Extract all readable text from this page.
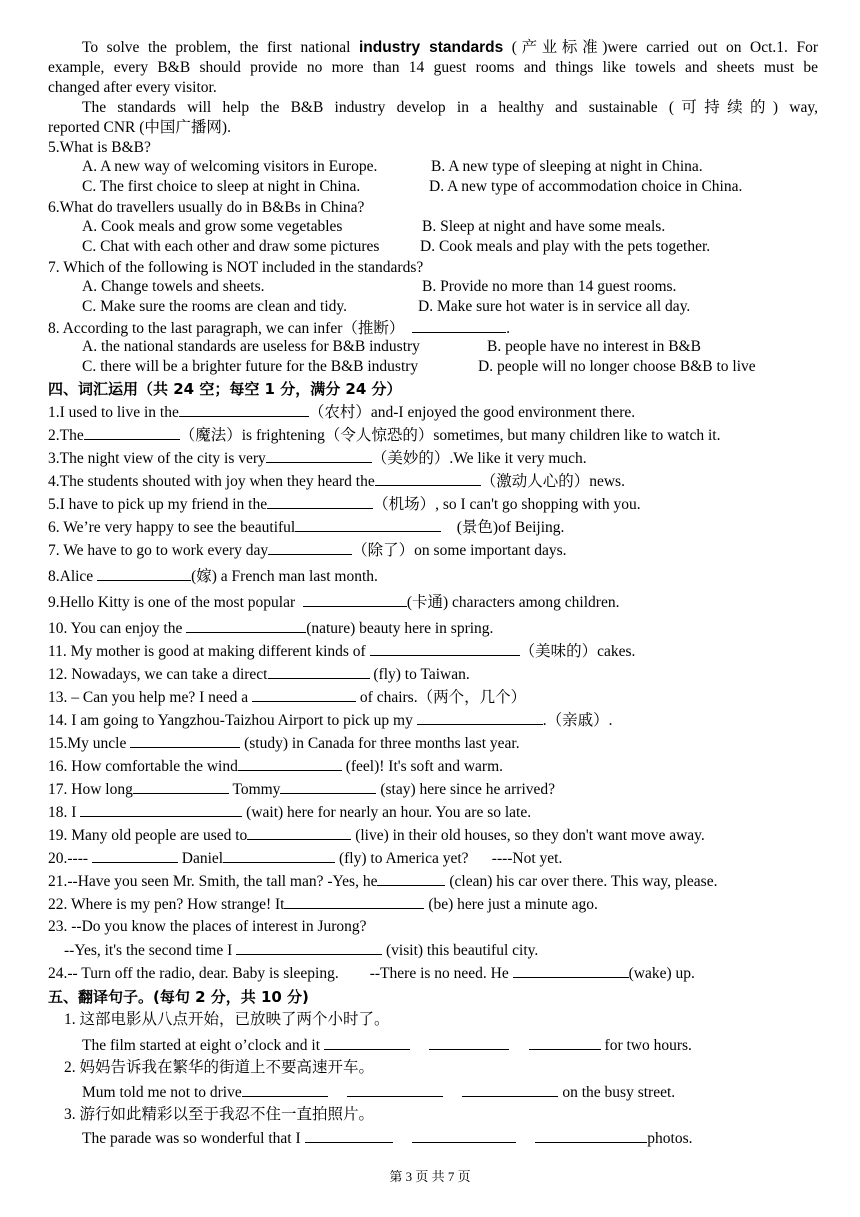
To solve the problem, the first national industry standards (产业标准)were carried out on Oct.1. For
example, every B&B should provide no more than 14 guest rooms and things like towels and sheets must be
changed after every visitor.
The standards will help the B&B industry develop in a healthy and sustainable (可持续的) way,
reported CNR (中国广播网).
5.What is B&B?
A. A new way of welcoming visitors in Europe.	B. A new type of sleeping at night in China.
C. The first choice to sleep at night in China.	D. A new type of accommodation choice in China.
6.What do travellers usually do in B&Bs in China?
A. Cook meals and grow some vegetables	B. Sleep at night and have some meals.
C. Chat with each other and draw some pictures	D. Cook meals and play with the pets together.
7. Which of the following is NOT included in the standards?
A. Change towels and sheets.	B. Provide no more than 14 guest rooms.
C. Make sure the rooms are clean and tidy.	D. Make sure hot water is in service all day.
8. According to the last paragraph, we can infer（推断）	.
A. the national standards are useless for B&B industry	B. people have no interest in B&B
C. there will be a brighter future for the B&B industry	D. people will no longer choose B&B to live
四、词汇运用（共 24 空；每空 1 分，满分 24 分）
1.I used to live in the	（农村）and-I enjoyed the good environment there.
2.The	（魔法）is frightening（令人惊恐的）sometimes, but many children like to watch it.
3.The night view of the city is very	（美妙的）.We like it very much.
4.The students shouted with joy when they heard the	（激动人心的）news.
5.I have to pick up my friend in the	（机场）, so I can't go shopping with you.
6. We’re very happy to see the beautiful	(景色)of Beijing.
7. We have to go to work every day	（除了）on some important days.
8.Alice	(嫁) a French man last month.
9.Hello Kitty is one of the most popular	(卡通) characters among children.
10. You can enjoy the	(nature) beauty here in spring.
11. My mother is good at making different kinds of	（美味的）cakes.
12. Nowadays, we can take a direct	(fly) to Taiwan.
13. – Can you help me? I need a	of chairs.（两个，几个）
14. I am going to Yangzhou-Taizhou Airport to pick up my	.（亲戚）.
15.My uncle	(study) in Canada for three months last year.
16. How comfortable the wind	(feel)! It's soft and warm.
17. How long	Tommy	(stay) here since he arrived?
18. I	(wait) here for nearly an hour. You are so late.
19. Many old people are used to	(live) in their old houses, so they don't want move away.
20.----	Daniel	(fly) to America yet? ----Not yet.
21.--Have you seen Mr. Smith, the tall man? -Yes, he	(clean) his car over there. This way, please.
22. Where is my pen? How strange! It	(be) here just a minute ago.
23. --Do you know the places of interest in Jurong?
--Yes, it's the second time I	(visit) this beautiful city.
24.-- Turn off the radio, dear. Baby is sleeping. --There is no need. He	(wake) up.
五、翻译句子。(每句 2 分，共 10 分)
1. 这部电影从八点开始，已放映了两个小时了。
The film started at eight o’clock and it	for two hours.
2. 妈妈告诉我在繁华的街道上不要高速开车。
Mum told me not to drive	on the busy street.
3. 游行如此精彩以至于我忍不住一直拍照片。
The parade was so wonderful that I	photos.
第 3 页 共 7 页
